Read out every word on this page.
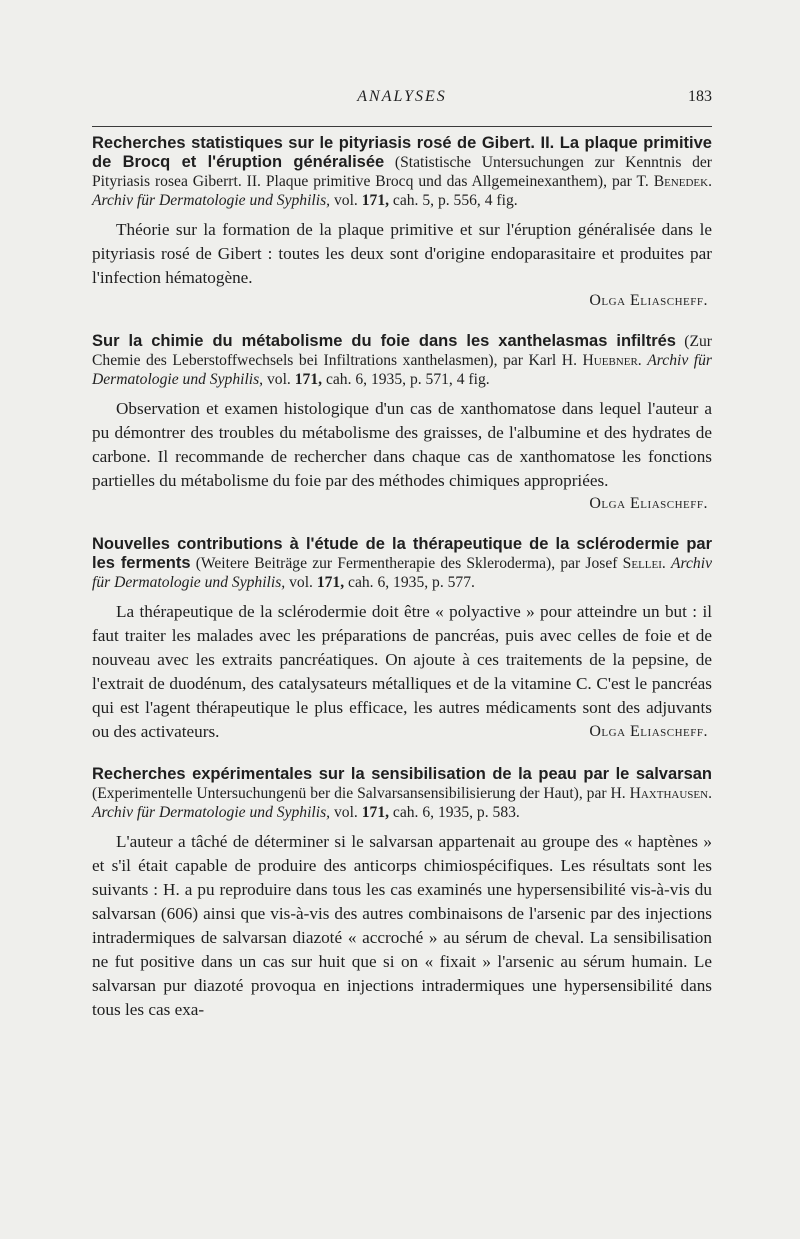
ANALYSES	183

Recherches statistiques sur le pityriasis rosé de Gibert. II. La plaque primitive de Brocq et l'éruption généralisée (Statistische Untersuchungen zur Kenntnis der Pityriasis rosea Giberrt. II. Plaque primitive Brocq und das Allgemeinexanthem), par T. Benedek. Archiv für Dermatologie und Syphilis, vol. 171, cah. 5, p. 556, 4 fig.

Théorie sur la formation de la plaque primitive et sur l'éruption généralisée dans le pityriasis rosé de Gibert : toutes les deux sont d'origine endoparasitaire et produites par l'infection hématogène.

Olga Eliascheff.

Sur la chimie du métabolisme du foie dans les xanthelasmas infiltrés (Zur Chemie des Leberstoffwechsels bei Infiltrations xanthelasmen), par Karl H. Huebner. Archiv für Dermatologie und Syphilis, vol. 171, cah. 6, 1935, p. 571, 4 fig.

Observation et examen histologique d'un cas de xanthomatose dans lequel l'auteur a pu démontrer des troubles du métabolisme des graisses, de l'albumine et des hydrates de carbone. Il recommande de rechercher dans chaque cas de xanthomatose les fonctions partielles du métabolisme du foie par des méthodes chimiques appropriées.

Olga Eliascheff.

Nouvelles contributions à l'étude de la thérapeutique de la sclérodermie par les ferments (Weitere Beiträge zur Fermentherapie des Skleroderma), par Josef Sellei. Archiv für Dermatologie und Syphilis, vol. 171, cah. 6, 1935, p. 577.

La thérapeutique de la sclérodermie doit être « polyactive » pour atteindre un but : il faut traiter les malades avec les préparations de pancréas, puis avec celles de foie et de nouveau avec les extraits pancréatiques. On ajoute à ces traitements de la pepsine, de l'extrait de duodénum, des catalysateurs métalliques et de la vitamine C. C'est le pancréas qui est l'agent thérapeutique le plus efficace, les autres médicaments sont des adjuvants ou des activateurs.	Olga Eliascheff.

Recherches expérimentales sur la sensibilisation de la peau par le salvarsan (Experimentelle Untersuchungenü ber die Salvarsansensibilisierung der Haut), par H. Haxthausen. Archiv für Dermatologie und Syphilis, vol. 171, cah. 6, 1935, p. 583.

L'auteur a tâché de déterminer si le salvarsan appartenait au groupe des « haptènes » et s'il était capable de produire des anticorps chimiospécifiques. Les résultats sont les suivants : H. a pu reproduire dans tous les cas examinés une hypersensibilité vis-à-vis du salvarsan (606) ainsi que vis-à-vis des autres combinaisons de l'arsenic par des injections intradermiques de salvarsan diazoté « accroché » au sérum de cheval. La sensibilisation ne fut positive dans un cas sur huit que si on « fixait » l'arsenic au sérum humain. Le salvarsan pur diazoté provoqua en injections intradermiques une hypersensibilité dans tous les cas exa-
